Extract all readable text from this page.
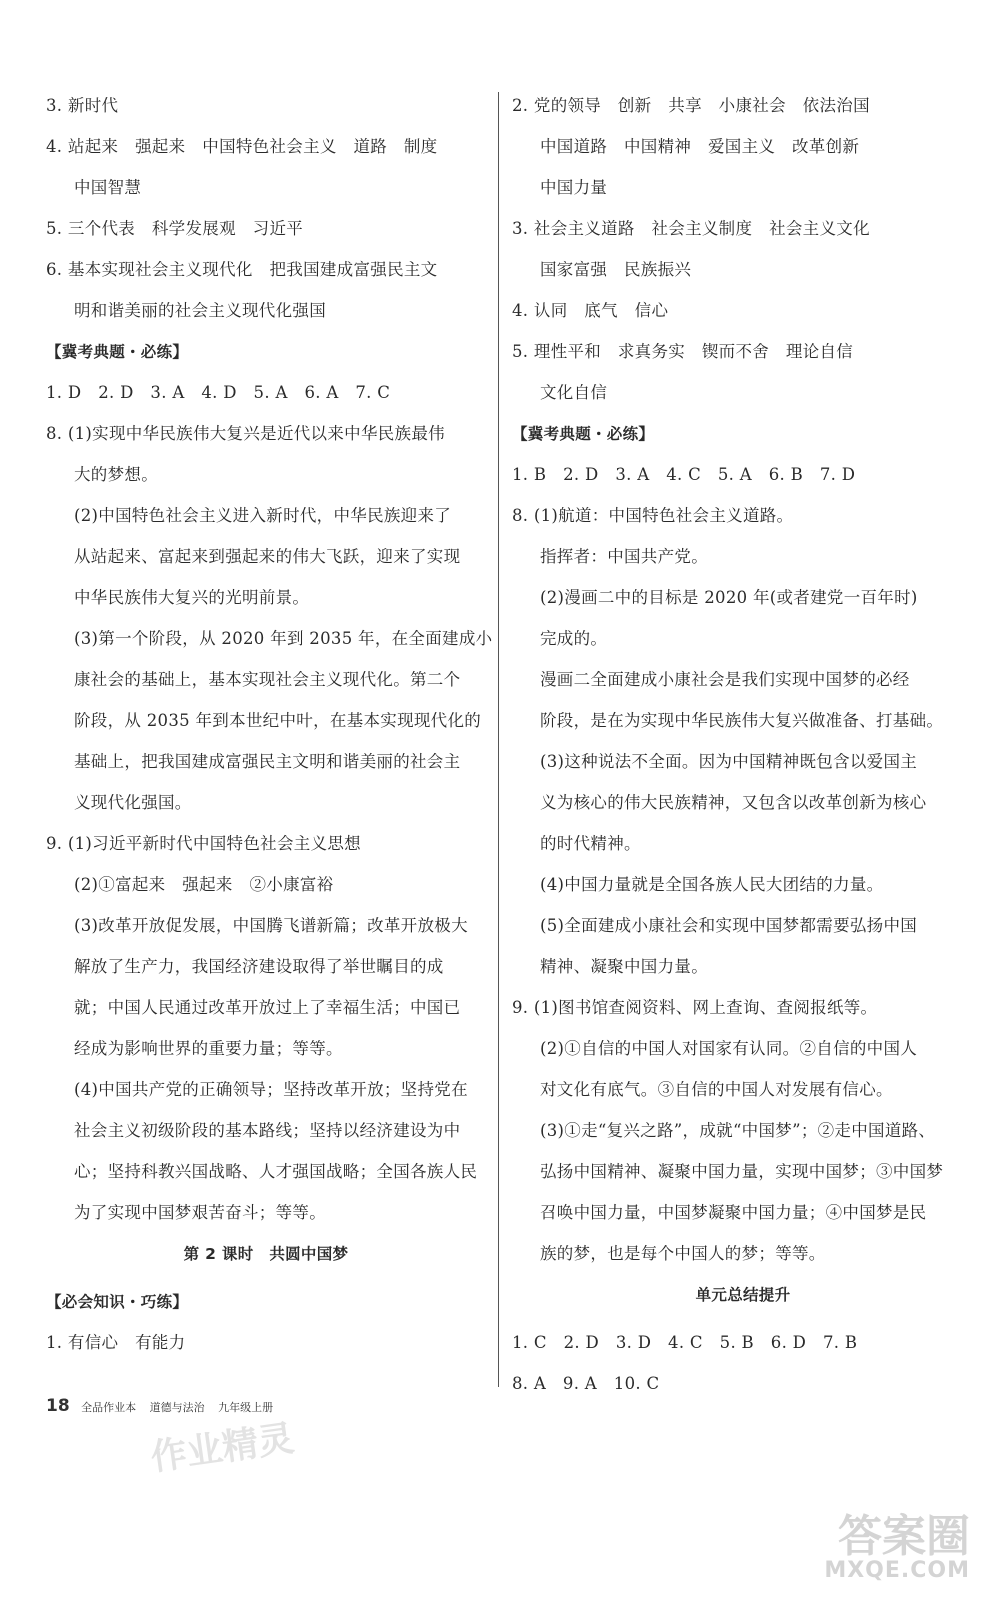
3. 新时代
4. 站起来　强起来　中国特色社会主义　道路　制度
中国智慧
5. 三个代表　科学发展观　习近平
6. 基本实现社会主义现代化　把我国建成富强民主文
明和谐美丽的社会主义现代化强国
【冀考典题・必练】
1. D　2. D　3. A　4. D　5. A　6. A　7. C
8. (1)实现中华民族伟大复兴是近代以来中华民族最伟
大的梦想。
(2)中国特色社会主义进入新时代，中华民族迎来了
从站起来、富起来到强起来的伟大飞跃，迎来了实现
中华民族伟大复兴的光明前景。
(3)第一个阶段，从 2020 年到 2035 年，在全面建成小
康社会的基础上，基本实现社会主义现代化。第二个
阶段，从 2035 年到本世纪中叶，在基本实现现代化的
基础上，把我国建成富强民主文明和谐美丽的社会主
义现代化强国。
9. (1)习近平新时代中国特色社会主义思想
(2)①富起来　强起来　②小康富裕
(3)改革开放促发展，中国腾飞谱新篇；改革开放极大
解放了生产力，我国经济建设取得了举世瞩目的成
就；中国人民通过改革开放过上了幸福生活；中国已
经成为影响世界的重要力量；等等。
(4)中国共产党的正确领导；坚持改革开放；坚持党在
社会主义初级阶段的基本路线；坚持以经济建设为中
心；坚持科教兴国战略、人才强国战略；全国各族人民
为了实现中国梦艰苦奋斗；等等。
第 2 课时　共圆中国梦
【必会知识・巧练】
1. 有信心　有能力
2. 党的领导　创新　共享　小康社会　依法治国
中国道路　中国精神　爱国主义　改革创新
中国力量
3. 社会主义道路　社会主义制度　社会主义文化
国家富强　民族振兴
4. 认同　底气　信心
5. 理性平和　求真务实　锲而不舍　理论自信
文化自信
【冀考典题・必练】
1. B　2. D　3. A　4. C　5. A　6. B　7. D
8. (1)航道：中国特色社会主义道路。
指挥者：中国共产党。
(2)漫画二中的目标是 2020 年(或者建党一百年时)
完成的。
漫画二全面建成小康社会是我们实现中国梦的必经
阶段，是在为实现中华民族伟大复兴做准备、打基础。
(3)这种说法不全面。因为中国精神既包含以爱国主
义为核心的伟大民族精神，又包含以改革创新为核心
的时代精神。
(4)中国力量就是全国各族人民大团结的力量。
(5)全面建成小康社会和实现中国梦都需要弘扬中国
精神、凝聚中国力量。
9. (1)图书馆查阅资料、网上查询、查阅报纸等。
(2)①自信的中国人对国家有认同。②自信的中国人
对文化有底气。③自信的中国人对发展有信心。
(3)①走“复兴之路”，成就“中国梦”；②走中国道路、
弘扬中国精神、凝聚中国力量，实现中国梦；③中国梦
召唤中国力量，中国梦凝聚中国力量；④中国梦是民
族的梦，也是每个中国人的梦；等等。
单元总结提升
1. C　2. D　3. D　4. C　5. B　6. D　7. B
8. A　9. A　10. C
18 全品作业本 道德与法治 九年级上册
作业精灵
答案圈
MXQE.COM
